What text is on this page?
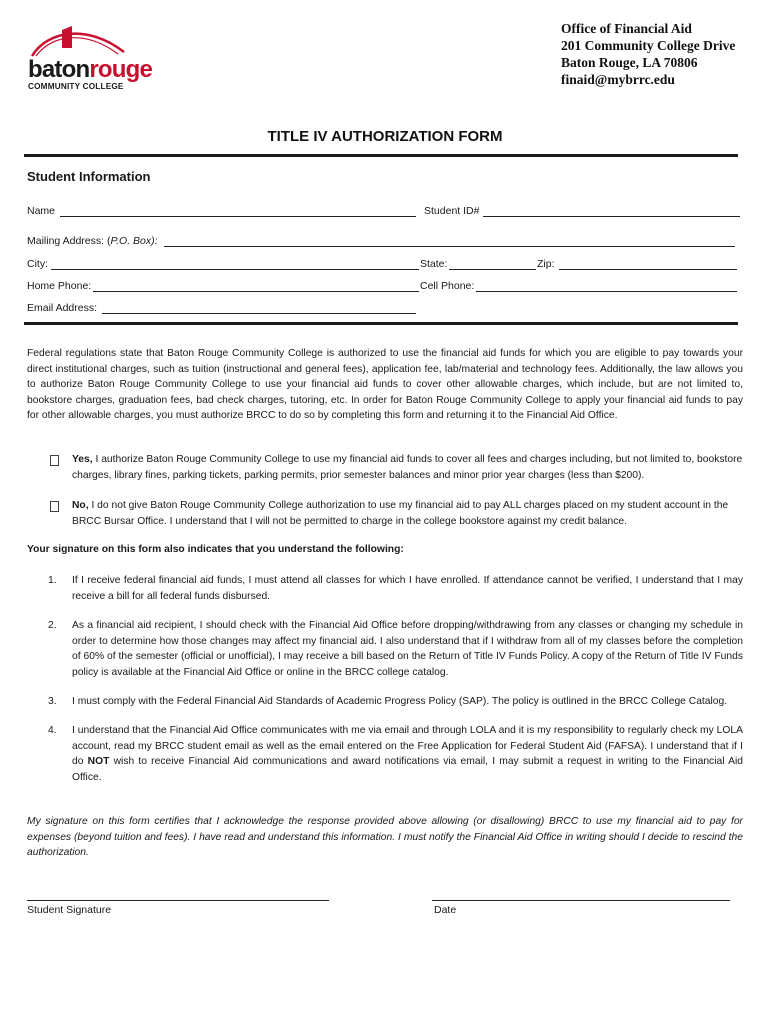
batonrouge
COMMUNITY COLLEGE
Office of Financial Aid
201 Community College Drive
Baton Rouge, LA 70806
finaid@mybrrc.edu
TITLE IV AUTHORIZATION FORM
Student Information
Name	Student ID#
Mailing Address: (P.O. Box):
City:	State:	Zip:
Home Phone:	Cell Phone:
Email Address:
Federal regulations state that Baton Rouge Community College is authorized to use the financial aid funds for which you are eligible to pay towards your direct institutional charges, such as tuition (instructional and general fees), application fee, lab/material and technology fees. Additionally, the law allows you to authorize Baton Rouge Community College to use your financial aid funds to cover other allowable charges, which include, but are not limited to, bookstore charges, graduation fees, bad check charges, tutoring, etc. In order for Baton Rouge Community College to apply your financial aid funds to pay for other allowable charges, you must authorize BRCC to do so by completing this form and returning it to the Financial Aid Office.
Yes, I authorize Baton Rouge Community College to use my financial aid funds to cover all fees and charges including, but not limited to, bookstore charges, library fines, parking tickets, parking permits, prior semester balances and minor prior year charges (less than $200).
No, I do not give Baton Rouge Community College authorization to use my financial aid to pay ALL charges placed on my student account in the BRCC Bursar Office. I understand that I will not be permitted to charge in the college bookstore against my credit balance.
Your signature on this form also indicates that you understand the following:
1. If I receive federal financial aid funds, I must attend all classes for which I have enrolled. If attendance cannot be verified, I understand that I may receive a bill for all federal funds disbursed.
2. As a financial aid recipient, I should check with the Financial Aid Office before dropping/withdrawing from any classes or changing my schedule in order to determine how those changes may affect my financial aid. I also understand that if I withdraw from all of my classes before the completion of 60% of the semester (official or unofficial), I may receive a bill based on the Return of Title IV Funds Policy. A copy of the Return of Title IV Funds policy is available at the Financial Aid Office or online in the BRCC college catalog.
3. I must comply with the Federal Financial Aid Standards of Academic Progress Policy (SAP). The policy is outlined in the BRCC College Catalog.
4. I understand that the Financial Aid Office communicates with me via email and through LOLA and it is my responsibility to regularly check my LOLA account, read my BRCC student email as well as the email entered on the Free Application for Federal Student Aid (FAFSA). I understand that if I do NOT wish to receive Financial Aid communications and award notifications via email, I may submit a request in writing to the Financial Aid Office.
My signature on this form certifies that I acknowledge the response provided above allowing (or disallowing) BRCC to use my financial aid to pay for expenses (beyond tuition and fees). I have read and understand this information. I must notify the Financial Aid Office in writing should I decide to rescind the authorization.
Student Signature	Date
